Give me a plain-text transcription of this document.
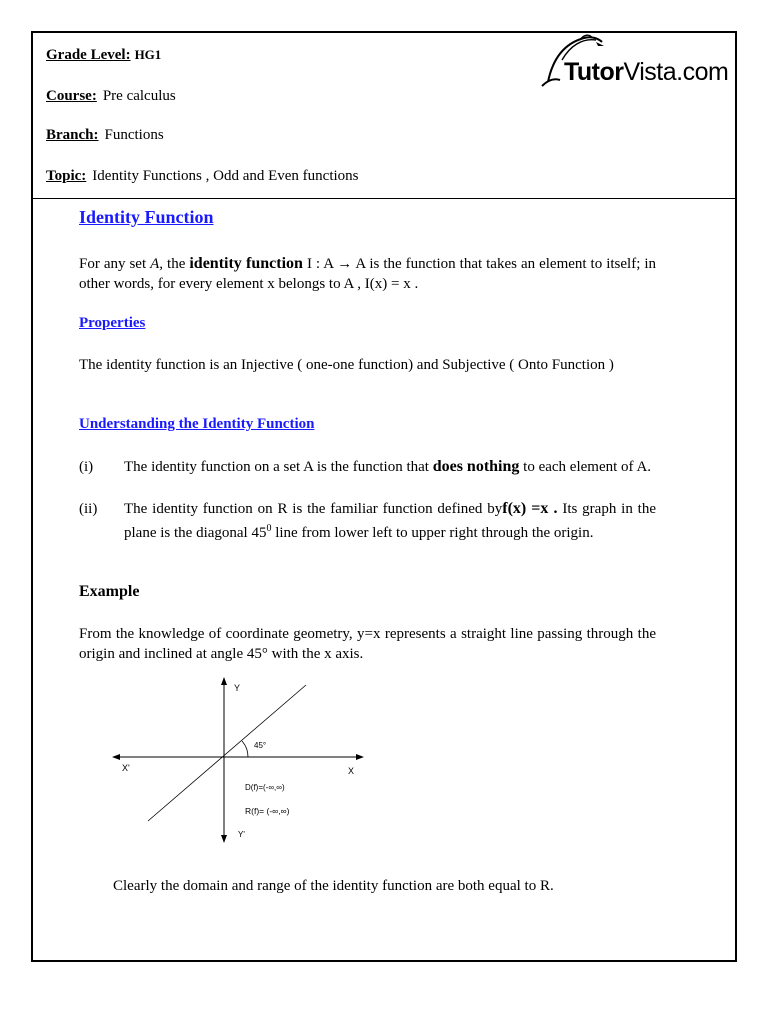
Grade Level: HG1
Course: Pre calculus
Branch: Functions
Topic: Identity Functions , Odd and Even functions
TutorVista.com
Identity Function
For any set A, the identity function I : A → A is the function that takes an element to itself; in other words, for every element x belongs to A , I(x) = x .
Properties
The identity function is an Injective ( one-one function) and Subjective ( Onto Function )
Understanding the Identity Function
(i) The identity function on a set A is the function that does nothing to each element of A.
(ii) The identity function on R is the familiar function defined byf(x) =x . Its graph in the plane is the diagonal $45^0$ line from lower left to upper right through the origin.
Example
From the knowledge of coordinate geometry, y=x represents a straight line passing through the origin and inclined at angle 45° with the x axis.
Y
Y'
X
X'
45°
D(f)=(-∞,∞)
R(f)= (-∞,∞)
Clearly the domain and range of the identity function are both equal to R.
